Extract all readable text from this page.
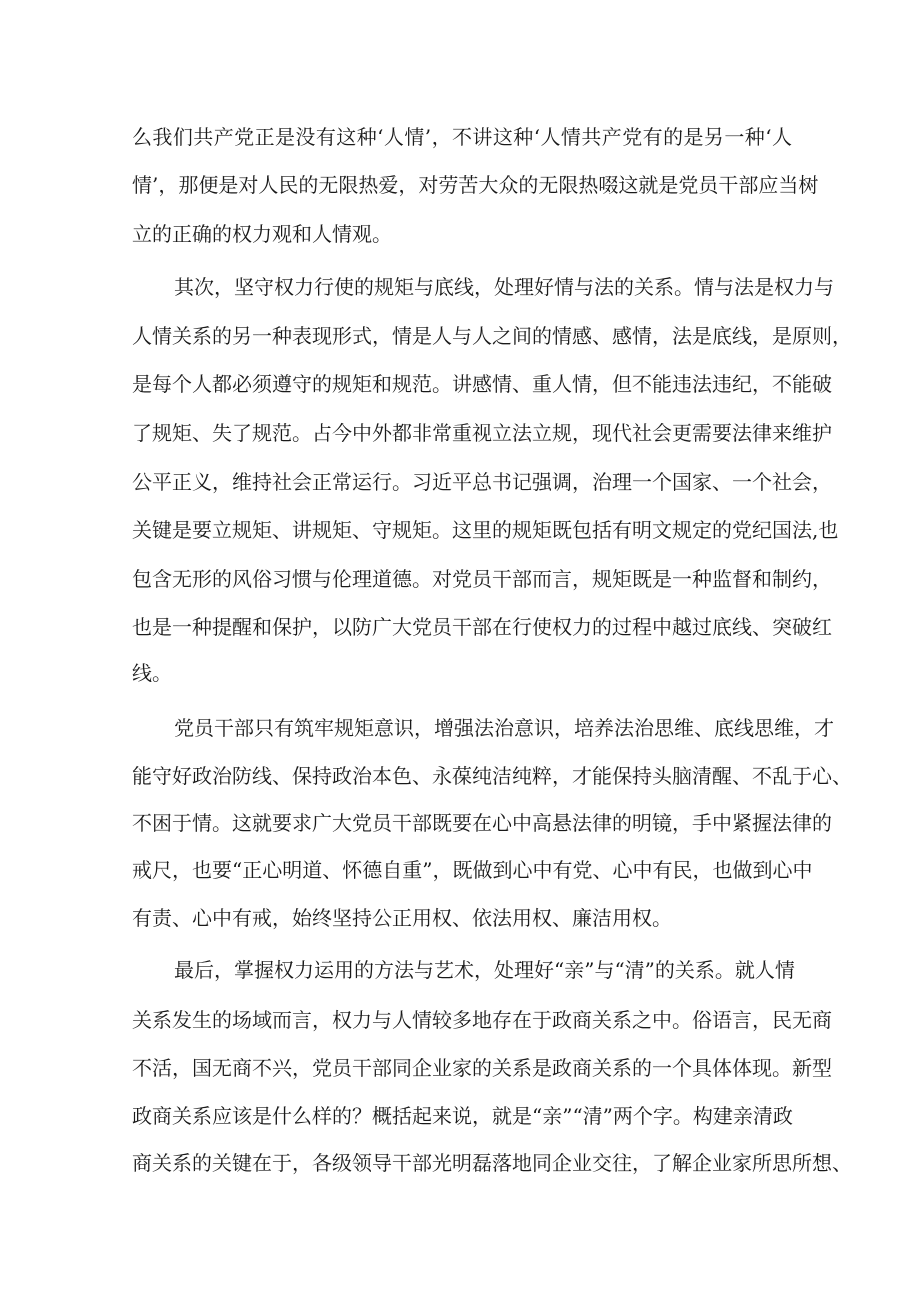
么我们共产党正是没有这种‘人情’，不讲这种‘人情共产党有的是另一种‘人
情’，那便是对人民的无限热爱，对劳苦大众的无限热啜这就是党员干部应当树
立的正确的权力观和人情观。
其次，坚守权力行使的规矩与底线，处理好情与法的关系。情与法是权力与
人情关系的另一种表现形式，情是人与人之间的情感、感情，法是底线，是原则，
是每个人都必须遵守的规矩和规范。讲感情、重人情，但不能违法违纪，不能破
了规矩、失了规范。占今中外都非常重视立法立规，现代社会更需要法律来维护
公平正义，维持社会正常运行。习近平总书记强调，治理一个国家、一个社会，
关键是要立规矩、讲规矩、守规矩。这里的规矩既包括有明文规定的党纪国法,也
包含无形的风俗习惯与伦理道德。对党员干部而言，规矩既是一种监督和制约，
也是一种提醒和保护，以防广大党员干部在行使权力的过程中越过底线、突破红
线。
党员干部只有筑牢规矩意识，增强法治意识，培养法治思维、底线思维，才
能守好政治防线、保持政治本色、永葆纯洁纯粹，才能保持头脑清醒、不乱于心、
不困于情。这就要求广大党员干部既要在心中高悬法律的明镜，手中紧握法律的
戒尺，也要“正心明道、怀德自重”，既做到心中有党、心中有民，也做到心中
有责、心中有戒，始终坚持公正用权、依法用权、廉洁用权。
最后，掌握权力运用的方法与艺术，处理好“亲”与“清”的关系。就人情
关系发生的场域而言，权力与人情较多地存在于政商关系之中。俗语言，民无商
不活，国无商不兴，党员干部同企业家的关系是政商关系的一个具体体现。新型
政商关系应该是什么样的？概括起来说，就是“亲”“清”两个字。构建亲清政
商关系的关键在于，各级领导干部光明磊落地同企业交往，了解企业家所思所想、
